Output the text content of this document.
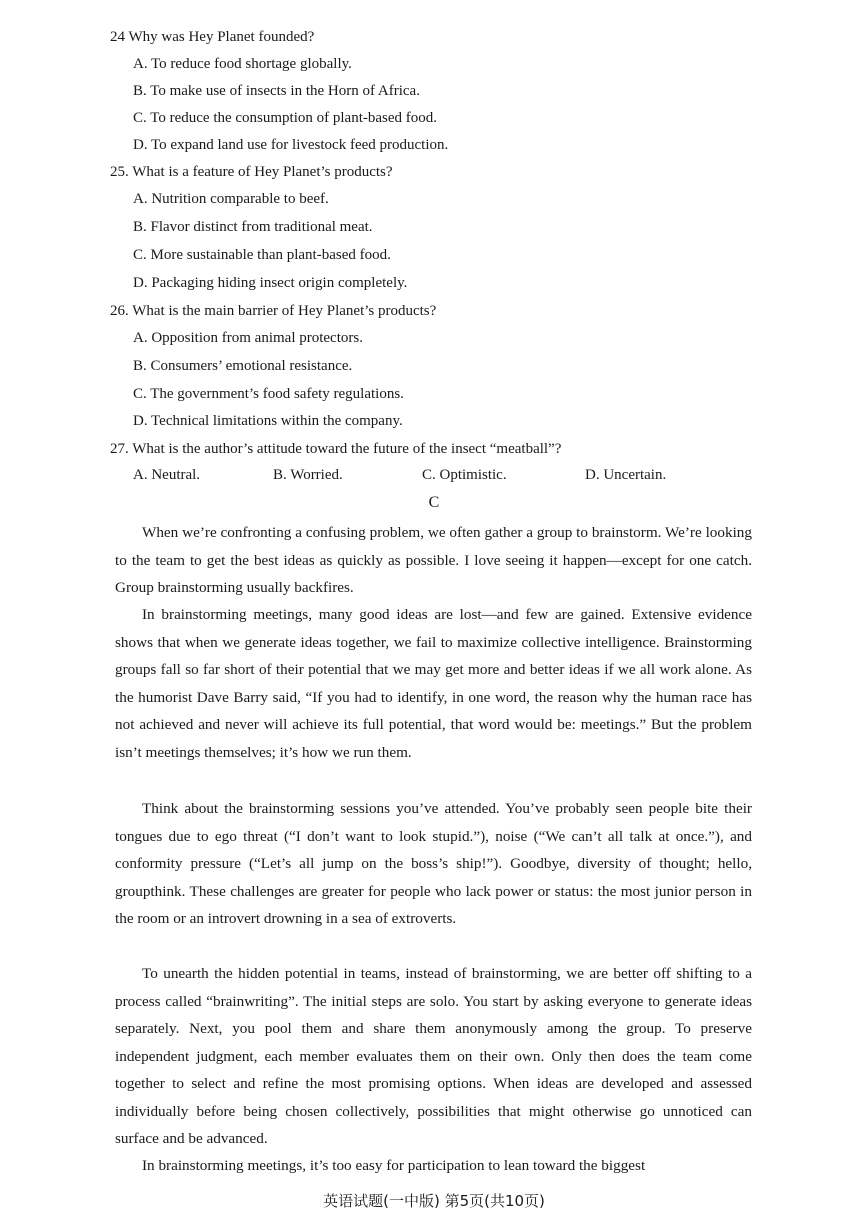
24 Why was Hey Planet founded?
A. To reduce food shortage globally.
B. To make use of insects in the Horn of Africa.
C. To reduce the consumption of plant-based food.
D. To expand land use for livestock feed production.
25. What is a feature of Hey Planet’s products?
A. Nutrition comparable to beef.
B. Flavor distinct from traditional meat.
C. More sustainable than plant-based food.
D. Packaging hiding insect origin completely.
26. What is the main barrier of Hey Planet’s products?
A. Opposition from animal protectors.
B. Consumers’ emotional resistance.
C. The government’s food safety regulations.
D. Technical limitations within the company.
27. What is the author’s attitude toward the future of the insect “meatball”?
A. Neutral.	B. Worried.	C. Optimistic.	D. Uncertain.
C

When we’re confronting a confusing problem, we often gather a group to brainstorm. We’re looking to the team to get the best ideas as quickly as possible. I love seeing it happen—except for one catch. Group brainstorming usually backfires.

In brainstorming meetings, many good ideas are lost—and few are gained. Extensive evidence shows that when we generate ideas together, we fail to maximize collective intelligence. Brainstorming groups fall so far short of their potential that we may get more and better ideas if we all work alone. As the humorist Dave Barry said, “If you had to identify, in one word, the reason why the human race has not achieved and never will achieve its full potential, that word would be: meetings.” But the problem isn’t meetings themselves; it’s how we run them.

Think about the brainstorming sessions you’ve attended. You’ve probably seen people bite their tongues due to ego threat (“I don’t want to look stupid.”), noise (“We can’t all talk at once.”), and conformity pressure (“Let’s all jump on the boss’s ship!”). Goodbye, diversity of thought; hello, groupthink. These challenges are greater for people who lack power or status: the most junior person in the room or an introvert drowning in a sea of extroverts.

To unearth the hidden potential in teams, instead of brainstorming, we are better off shifting to a process called “brainwriting”. The initial steps are solo. You start by asking everyone to generate ideas separately. Next, you pool them and share them anonymously among the group. To preserve independent judgment, each member evaluates them on their own. Only then does the team come together to select and refine the most promising options. When ideas are developed and assessed individually before being chosen collectively, possibilities that might otherwise go unnoticed can surface and be advanced.

In brainstorming meetings, it’s too easy for participation to lean toward the biggest

英语试题(一中版) 第5页(共10页)
